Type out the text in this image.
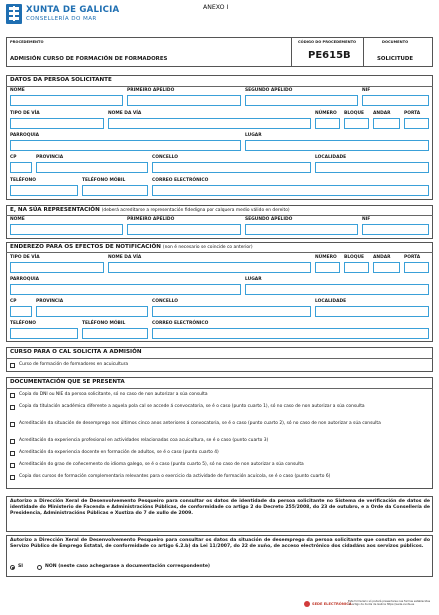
XUNTA DE GALICIA
CONSELLERÍA DO MAR
ANEXO I
PROCEDEMENTO
ADMISIÓN CURSO DE FORMACIÓN DE FORMADORES
CÓDIGO DO PROCEDEMENTO
PE615B
DOCUMENTO
SOLICITUDE
DATOS DA PERSOA SOLICITANTE
NOME	PRIMEIRO APELIDO	SEGUNDO APELIDO	NIF
TIPO DE VÍA	NOME DA VÍA	NÚMERO BLOQUE ANDAR	PORTA
PARROQUIA	LUGAR
CP	PROVINCIA	CONCELLO	LOCALIDADE
TELÉFONO	TELÉFONO MÓBIL	CORREO ELECTRÓNICO
E, NA SÚA REPRESENTACIÓN (deberá acreditarse a representación fidedigna por calquera medio válido en dereito)
NOME	PRIMEIRO APELIDO	SEGUNDO APELIDO	NIF
ENDEREZO PARA OS EFECTOS DE NOTIFICACIÓN (non é necesario se coincide co anterior)
TIPO DE VÍA	NOME DA VÍA	NÚMERO BLOQUE ANDAR	PORTA
PARROQUIA	LUGAR
CP	PROVINCIA	CONCELLO	LOCALIDADE
TELÉFONO	TELÉFONO MÓBIL	CORREO ELECTRÓNICO
CURSO PARA O CAL SOLICITA A ADMISIÓN
Curso de formación de formadores en acuicultura
DOCUMENTACIÓN QUE SE PRESENTA
Copia do DNI ou NIE da persoa solicitante, só no caso de non autorizar a súa consulta
Copia da titulación académica diferente a aquela pola cal se accede á convocatoria, se é o caso (punto cuarto 1), só no caso de non autorizar a súa consulta
Acreditación da situación de desemprego nos últimos cinco anos anteriores á convocatoria, se é o caso (punto cuarto 2), só no caso de non autorizar a súa consulta
Acreditación da experiencia profesional en actividades relacionadas coa acuicultura, se é o caso (punto cuarto 3)
Acreditación da experiencia docente en formación de adultos, se é o caso (punto cuarto 4)
Acreditación do grao de coñecemento do idioma galego, se é o caso (punto cuarto 5), só no caso de non autorizar a súa consulta
Copia dos cursos de formación complementaria relevantes para o exercicio da actividade de formación acuícola, se é o caso (punto cuarto 6)
Autorizo a Dirección Xeral de Desenvolvemento Pesqueiro para consultar os datos de identidade da persoa solicitante no Sistema de verificación de datos de identidade do Ministerio de Facenda e Administracións Públicas, de conformidade co artigo 2 do Decreto 255/2008, do 23 de outubro, e a Orde da Consellería de Presidencia, Administracións Públicas e Xustiza do 7 de xullo de 2009.
Autorizo a Dirección Xeral de Desenvolvemento Pesqueiro para consultar os datos da situación de desemprego da persoa solicitante que constan en poder do Servizo Público de Emprego Estatal, de conformidade co artigo 6.2.b) da Lei 11/2007, do 22 de xuño, de acceso electrónico dos cidadáns aos servizos públicos.
SI	NON (neste caso achegarase a documentación correspondente)
SEDE ELECTRÓNICA
Este formulario só poderá presentarse nas formas establecidas no artigo da Xunta de Galicia https://sede.xunta.es
